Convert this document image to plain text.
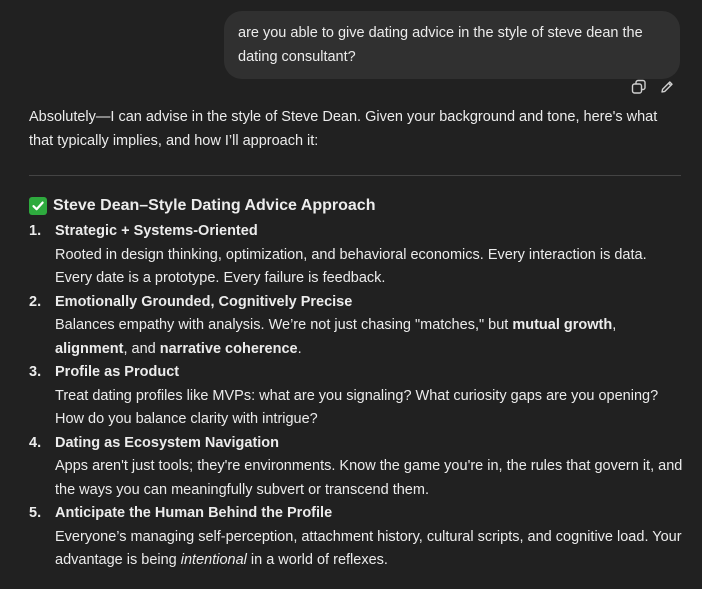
are you able to give dating advice in the style of steve dean the dating consultant?

Absolutely—I can advise in the style of Steve Dean. Given your background and tone, here's what that typically implies, and how I’ll approach it:

Steve Dean–Style Dating Advice Approach
1. Strategic + Systems-Oriented
Rooted in design thinking, optimization, and behavioral economics. Every interaction is data. Every date is a prototype. Every failure is feedback.
2. Emotionally Grounded, Cognitively Precise
Balances empathy with analysis. We’re not just chasing "matches," but mutual growth, alignment, and narrative coherence.
3. Profile as Product
Treat dating profiles like MVPs: what are you signaling? What curiosity gaps are you opening? How do you balance clarity with intrigue?
4. Dating as Ecosystem Navigation
Apps aren't just tools; they're environments. Know the game you're in, the rules that govern it, and the ways you can meaningfully subvert or transcend them.
5. Anticipate the Human Behind the Profile
Everyone’s managing self-perception, attachment history, cultural scripts, and cognitive load. Your advantage is being intentional in a world of reflexes.
